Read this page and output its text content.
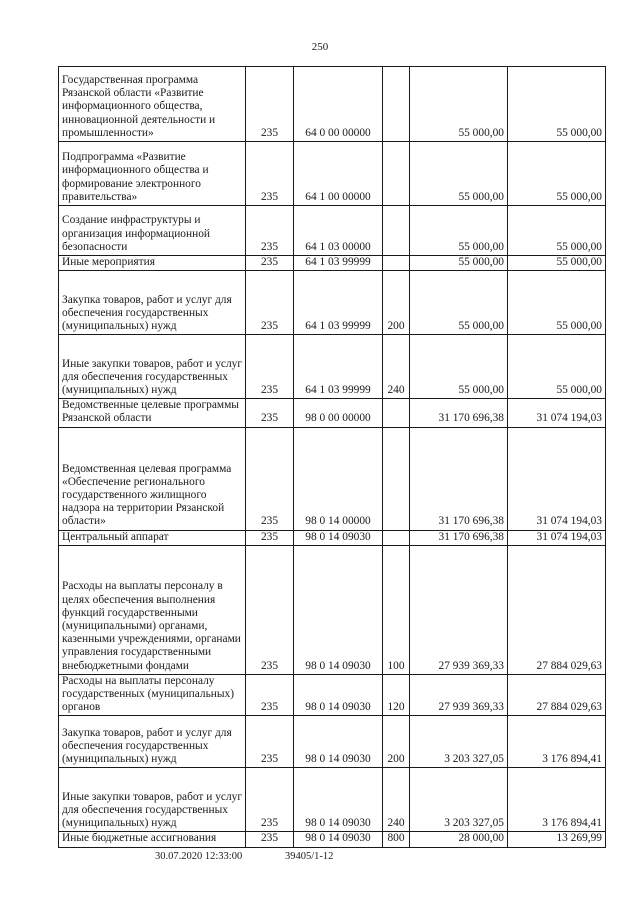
250
Государственная программа Рязанской области «Развитие информационного общества, инновационной деятельности и промышленности»	235	64 0 00 00000		55 000,00	55 000,00
Подпрограмма «Развитие информационного общества и формирование электронного правительства»	235	64 1 00 00000		55 000,00	55 000,00
Создание инфраструктуры и организация информационной безопасности	235	64 1 03 00000		55 000,00	55 000,00
Иные мероприятия	235	64 1 03 99999		55 000,00	55 000,00
Закупка товаров, работ и услуг для обеспечения государственных (муниципальных) нужд	235	64 1 03 99999	200	55 000,00	55 000,00
Иные закупки товаров, работ и услуг для обеспечения государственных (муниципальных) нужд	235	64 1 03 99999	240	55 000,00	55 000,00
Ведомственные целевые программы Рязанской области	235	98 0 00 00000		31 170 696,38	31 074 194,03
Ведомственная целевая программа «Обеспечение регионального государственного жилищного надзора на территории Рязанской области»	235	98 0 14 00000		31 170 696,38	31 074 194,03
Центральный аппарат	235	98 0 14 09030		31 170 696,38	31 074 194,03
Расходы на выплаты персоналу в целях обеспечения выполнения функций государственными (муниципальными) органами, казенными учреждениями, органами управления государственными внебюджетными фондами	235	98 0 14 09030	100	27 939 369,33	27 884 029,63
Расходы на выплаты персоналу государственных (муниципальных) органов	235	98 0 14 09030	120	27 939 369,33	27 884 029,63
Закупка товаров, работ и услуг для обеспечения государственных (муниципальных) нужд	235	98 0 14 09030	200	3 203 327,05	3 176 894,41
Иные закупки товаров, работ и услуг для обеспечения государственных (муниципальных) нужд	235	98 0 14 09030	240	3 203 327,05	3 176 894,41
Иные бюджетные ассигнования	235	98 0 14 09030	800	28 000,00	13 269,99
30.07.2020 12:33:00	39405/1-12
